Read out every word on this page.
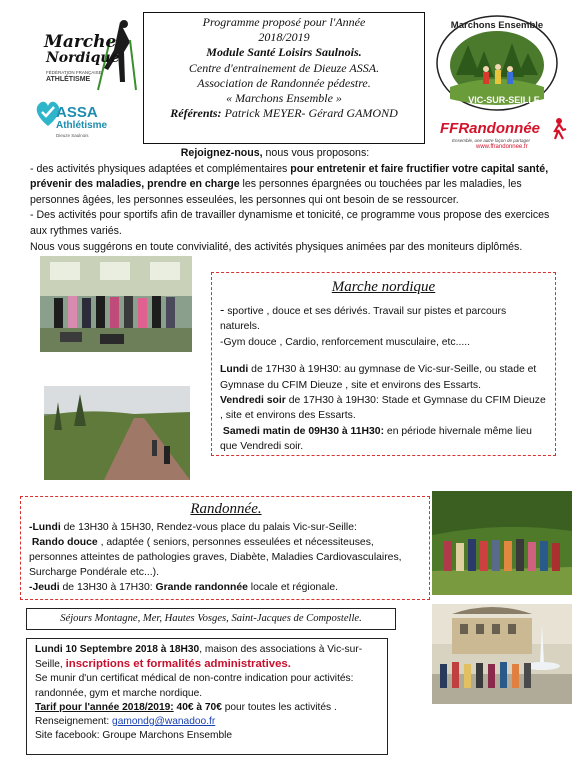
Marche
Nordique
FÉDÉRATION FRANÇAISE
ATHLÉTISME
ASSA
Athlétisme
Dieuze Saulnois
Marchons Ensemble
VIC-SUR-SEILLE
FFRandonnée
Ensemble, une autre façon de partager
www.ffrandonnee.fr
Programme proposé pour l'Année
2018/2019
Module Santé Loisirs Saulnois.
Centre d'entrainement de Dieuze ASSA.
Association de Randonnée pédestre.
« Marchons Ensemble »
Référents: Patrick MEYER- Gérard GAMOND

Rejoignez-nous, nous vous proposons:

- des activités physiques adaptées et complémentaires pour entretenir et faire fructifier votre capital santé, prévenir des maladies, prendre en charge les personnes épargnées ou touchées par les maladies, les personnes âgées, les personnes esseulées, les personnes qui ont besoin de se ressourcer.

- Des activités pour sportifs afin de travailler dynamisme et tonicité, ce programme vous propose des exercices aux rythmes variés.

Nous vous suggérons en toute convivialité, des activités physiques animées par des moniteurs diplômés.

Marche nordique

- sportive , douce et ses dérivés. Travail sur pistes et parcours naturels.

-Gym douce , Cardio, renforcement musculaire, etc.....

Lundi de 17H30 à 19H30: au gymnase de Vic-sur-Seille, ou stade et Gymnase du CFIM Dieuze , site et environs des Essarts.

Vendredi soir de 17H30 à 19H30: Stade et Gymnase du CFIM Dieuze , site et environs des Essarts.

Samedi matin de 09H30 à 11H30: en période hivernale même lieu que Vendredi soir.

Randonnée.

-Lundi de 13H30 à 15H30, Rendez-vous place du palais Vic-sur-Seille:

Rando douce , adaptée ( seniors, personnes esseulées et nécessiteuses, personnes atteintes de pathologies graves, Diabète, Maladies Cardiovasculaires, Surcharge Pondérale etc...).

-Jeudi de 13H30 à 17H30: Grande randonnée locale et régionale.

Séjours Montagne, Mer, Hautes Vosges, Saint-Jacques de Compostelle.

Lundi 10 Septembre 2018 à 18H30, maison des associations à Vic-sur-Seille, inscriptions et formalités administratives.

Se munir d'un certificat médical de non-contre indication pour activités: randonnée, gym et marche nordique.

Tarif pour l'année 2018/2019: 40€ à 70€ pour toutes les activités .

Renseignement: gamondg@wanadoo.fr

Site facebook: Groupe Marchons Ensemble
